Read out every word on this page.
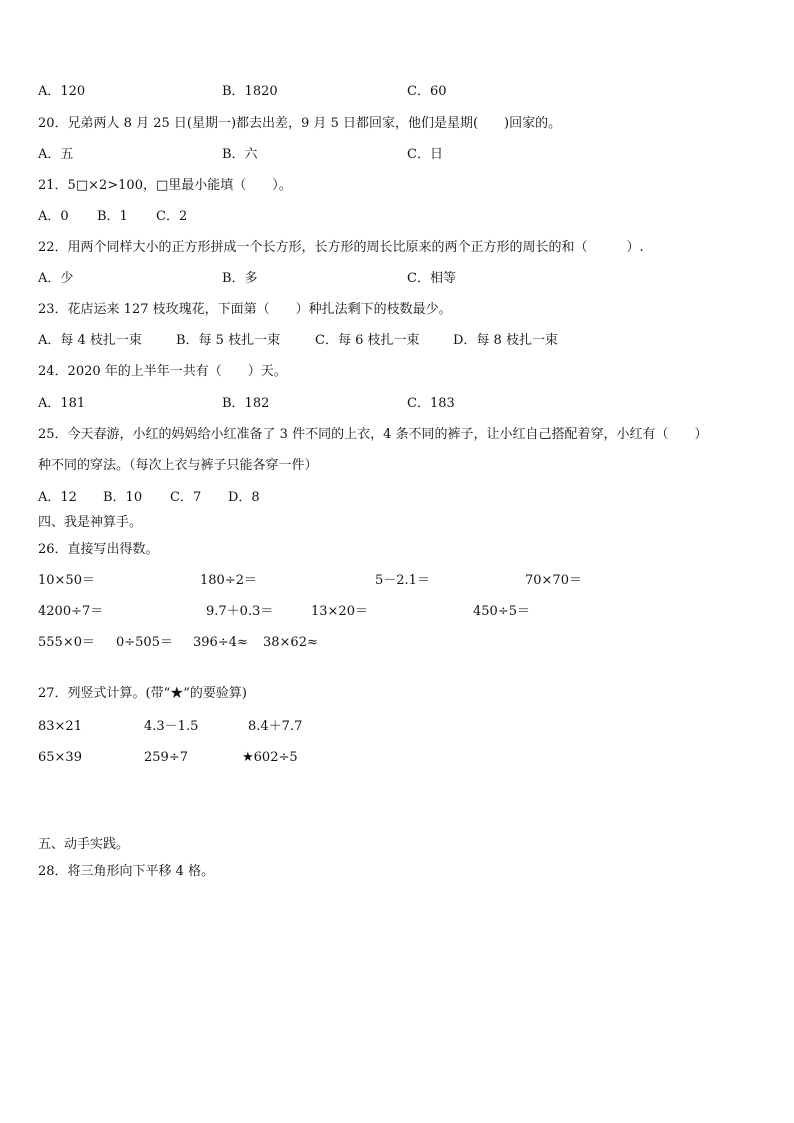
A．120	B．1820	C．60
20．兄弟两人 8 月 25 日(星期一)都去出差，9 月 5 日都回家，他们是星期(　　)回家的。
A．五	B．六	C．日
21．5□×2>100，□里最小能填（　　）。
A．0 B．1 C．2
22．用两个同样大小的正方形拼成一个长方形，长方形的周长比原来的两个正方形的周长的和（　　　）.
A．少	B．多	C．相等
23．花店运来 127 枝玫瑰花，下面第（　　）种扎法剩下的枝数最少。
A．每 4 枝扎一束	B．每 5 枝扎一束	C．每 6 枝扎一束	D．每 8 枝扎一束
24．2020 年的上半年一共有（　　）天。
A．181	B．182	C．183
25．今天春游，小红的妈妈给小红准备了 3 件不同的上衣，4 条不同的裤子，让小红自己搭配着穿，小红有（　　）
种不同的穿法。（每次上衣与裤子只能各穿一件）
A．12 B．10 C．7 D．8
四、我是神算手。
26．直接写出得数。
10×50＝	180÷2＝	5－2.1＝	70×70＝
4200÷7＝	9.7＋0.3＝	13×20＝	450÷5＝
555×0＝ 0÷505＝ 396÷4≈ 38×62≈
27．列竖式计算。(带“★”的要验算)
83×21	4.3－1.5	8.4＋7.7
65×39	259÷7	★602÷5
五、动手实践。
28．将三角形向下平移 4 格。
